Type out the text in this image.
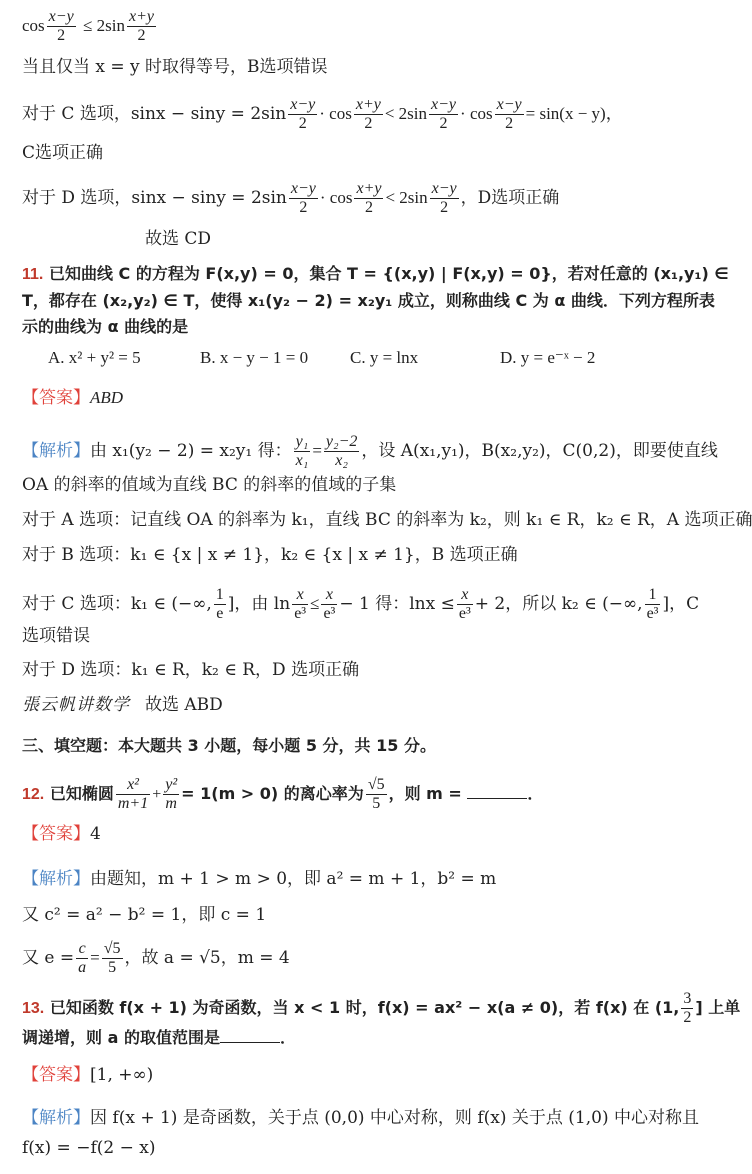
$\cos \frac{x-y}{2} \le 2\sin \frac{x+y}{2}$
当且仅当 x = y 时取得等号，B选项错误
对于 C 选项，$\sin x - \sin y = 2\sin \frac{x-y}{2} \cdot \cos \frac{x+y}{2} < 2\sin \frac{x-y}{2} \cdot \cos \frac{x-y}{2} = \sin(x - y)$，
C选项正确
对于 D 选项，$\sin x - \sin y = 2\sin \frac{x-y}{2} \cdot \cos \frac{x+y}{2} < 2\sin \frac{x-y}{2}$ ，D选项正确
故选 CD
11. 已知曲线 C 的方程为 F(x,y) = 0，集合 T = {(x,y) | F(x,y) = 0}，若对任意的 (x₁,y₁) ∈
T，都存在 (x₂,y₂) ∈ T，使得 x₁(y₂ − 2) = x₂y₁ 成立，则称曲线 C 为 α 曲线．下列方程所表
示的曲线为 α 曲线的是
A. x² + y² = 5	B. x − y − 1 = 0 C. y = lnx	D. y = e⁻ˣ − 2
【答案】ABD
【解析】由 x₁(y₂ − 2) = x₂y₁ 得： $\frac{\text{y₁}}{\text{x₁}} = \frac{\text{y₂−2}}{\text{x₂}}$ ，设 A(x₁,y₁)，B(x₂,y₂)，C(0,2)，即要使直线
OA 的斜率的值域为直线 BC 的斜率的值域的子集
对于 A 选项：记直线 OA 的斜率为 k₁，直线 BC 的斜率为 k₂，则 k₁ ∈ R，k₂ ∈ R，A 选项正确
对于 B 选项：k₁ ∈ {x | x ≠ 1}，k₂ ∈ {x | x ≠ 1}，B 选项正确
对于 C 选项：k₁ ∈ (−∞, $\frac{1}{e}$ ]，由 $\ln \frac{x}{\text{e³}} \le \frac{x}{\text{e³}} - 1$ 得：$\ln x \le \frac{x}{\text{e³}} + 2$，所以 k₂ ∈ (−∞, $\frac{1}{\text{e³}}$ ]，C
选项错误
对于 D 选项：k₁ ∈ R，k₂ ∈ R，D 选项正确
張云帆讲数学 故选 ABD
三、填空题：本大题共 3 小题，每小题 5 分，共 15 分。
12. 已知椭圆 $\frac{\text{x²}}{m+1} + \frac{\text{y²}}{m} = 1(m > 0)$ 的离心率为 $\frac{√5}{5}$ ，则 m =	．
【答案】4
【解析】由题知，m + 1 > m > 0，即 a² = m + 1，b² = m
又 c² = a² − b² = 1，即 c = 1
又 $e = \frac{c}{a} = \frac{√5}{5}$ ，故 a = √5，m = 4
13. 已知函数 f(x + 1) 为奇函数，当 x < 1 时，f(x) = ax² − x(a ≠ 0)，若 f(x) 在 (1, $\frac{3}{2}$ ] 上单
调递增，则 a 的取值范围是	．
【答案】[1, +∞)
【解析】因 f(x + 1) 是奇函数，关于点 (0,0) 中心对称，则 f(x) 关于点 (1,0) 中心对称且
f(x) = −f(2 − x)
